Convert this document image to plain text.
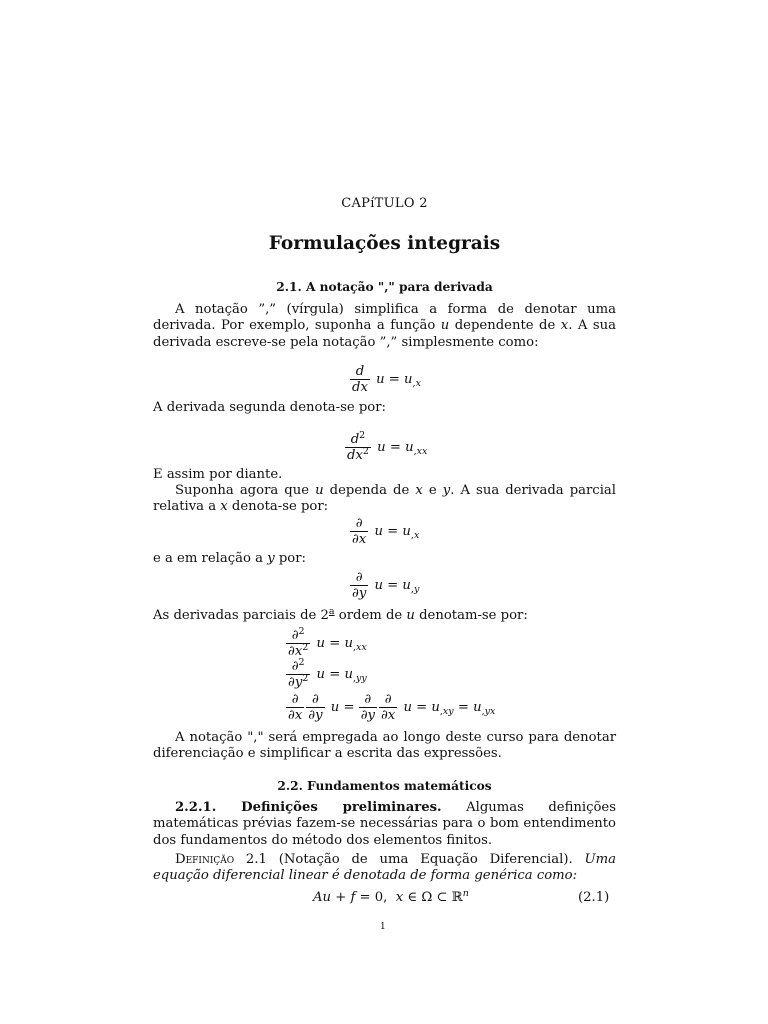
CAPíTULO 2
Formulações integrais
2.1. A notação "," para derivada
A notação ”,” (vírgula) simplifica a forma de denotar uma derivada. Por exemplo, suponha a função u dependente de x. A sua derivada escreve-se pela notação ”,” simplesmente como:
$\frac{d}{dx}$ $u = u_{,x}$
A derivada segunda denota-se por:
$\frac{d^2}{dx^2}$ $u = u_{,xx}$
E assim por diante.
Suponha agora que u dependa de x e y. A sua derivada parcial relativa a x denota-se por:
$\frac{\partial}{\partial x}$ $u = u_{,x}$
e a em relação a y por:
$\frac{\partial}{\partial y}$ $u = u_{,y}$
As derivadas parciais de 2$^a$ ordem de u denotam-se por:
$\frac{\partial^2}{\partial x^2}$ $u = u_{,xx}$
$\frac{\partial^2}{\partial y^2}$ $u = u_{,yy}$
$\frac{\partial}{\partial x} \frac{\partial}{\partial y}$ $u = \frac{\partial}{\partial y} \frac{\partial}{\partial x}$ $u = u_{,xy} = u_{,yx}$
A notação "," será empregada ao longo deste curso para denotar diferenciação e simplificar a escrita das expressões.
2.2. Fundamentos matemáticos
2.2.1. Definições preliminares. Algumas definições matemáticas prévias fazem-se necessárias para o bom entendimento dos fundamentos do método dos elementos finitos.
Definição 2.1 (Notação de uma Equação Diferencial). Uma equação diferencial linear é denotada de forma genérica como:
Au + f = 0,  x ∈ Ω ⊂ ℝ$^n$	(2.1)
1
